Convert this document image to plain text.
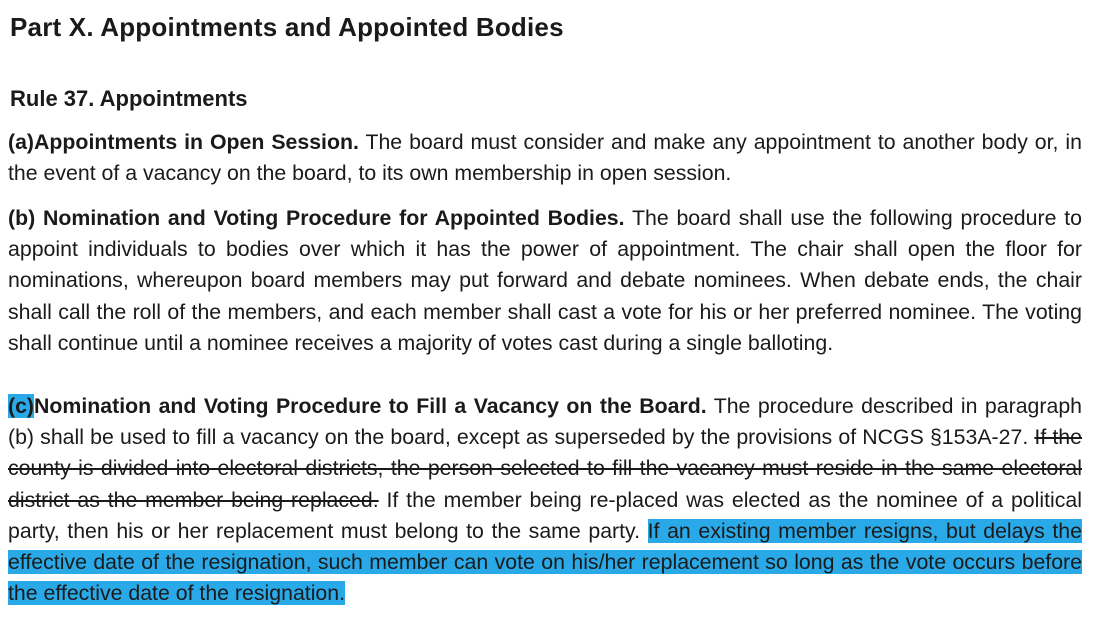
Part X. Appointments and Appointed Bodies
Rule 37. Appointments
(a)Appointments in Open Session. The board must consider and make any appointment to another body or, in the event of a vacancy on the board, to its own membership in open session.
(b) Nomination and Voting Procedure for Appointed Bodies. The board shall use the following procedure to appoint individuals to bodies over which it has the power of appointment. The chair shall open the floor for nominations, whereupon board members may put forward and debate nominees. When debate ends, the chair shall call the roll of the members, and each member shall cast a vote for his or her preferred nominee. The voting shall continue until a nominee receives a majority of votes cast during a single balloting.
(c)Nomination and Voting Procedure to Fill a Vacancy on the Board. The procedure described in paragraph (b) shall be used to fill a vacancy on the board, except as superseded by the provisions of NCGS §153A-27. If the county is divided into electoral districts, the person selected to fill the vacancy must reside in the same electoral district as the member being replaced. If the member being re-placed was elected as the nominee of a political party, then his or her replacement must belong to the same party. If an existing member resigns, but delays the effective date of the resignation, such member can vote on his/her replacement so long as the vote occurs before the effective date of the resignation.
